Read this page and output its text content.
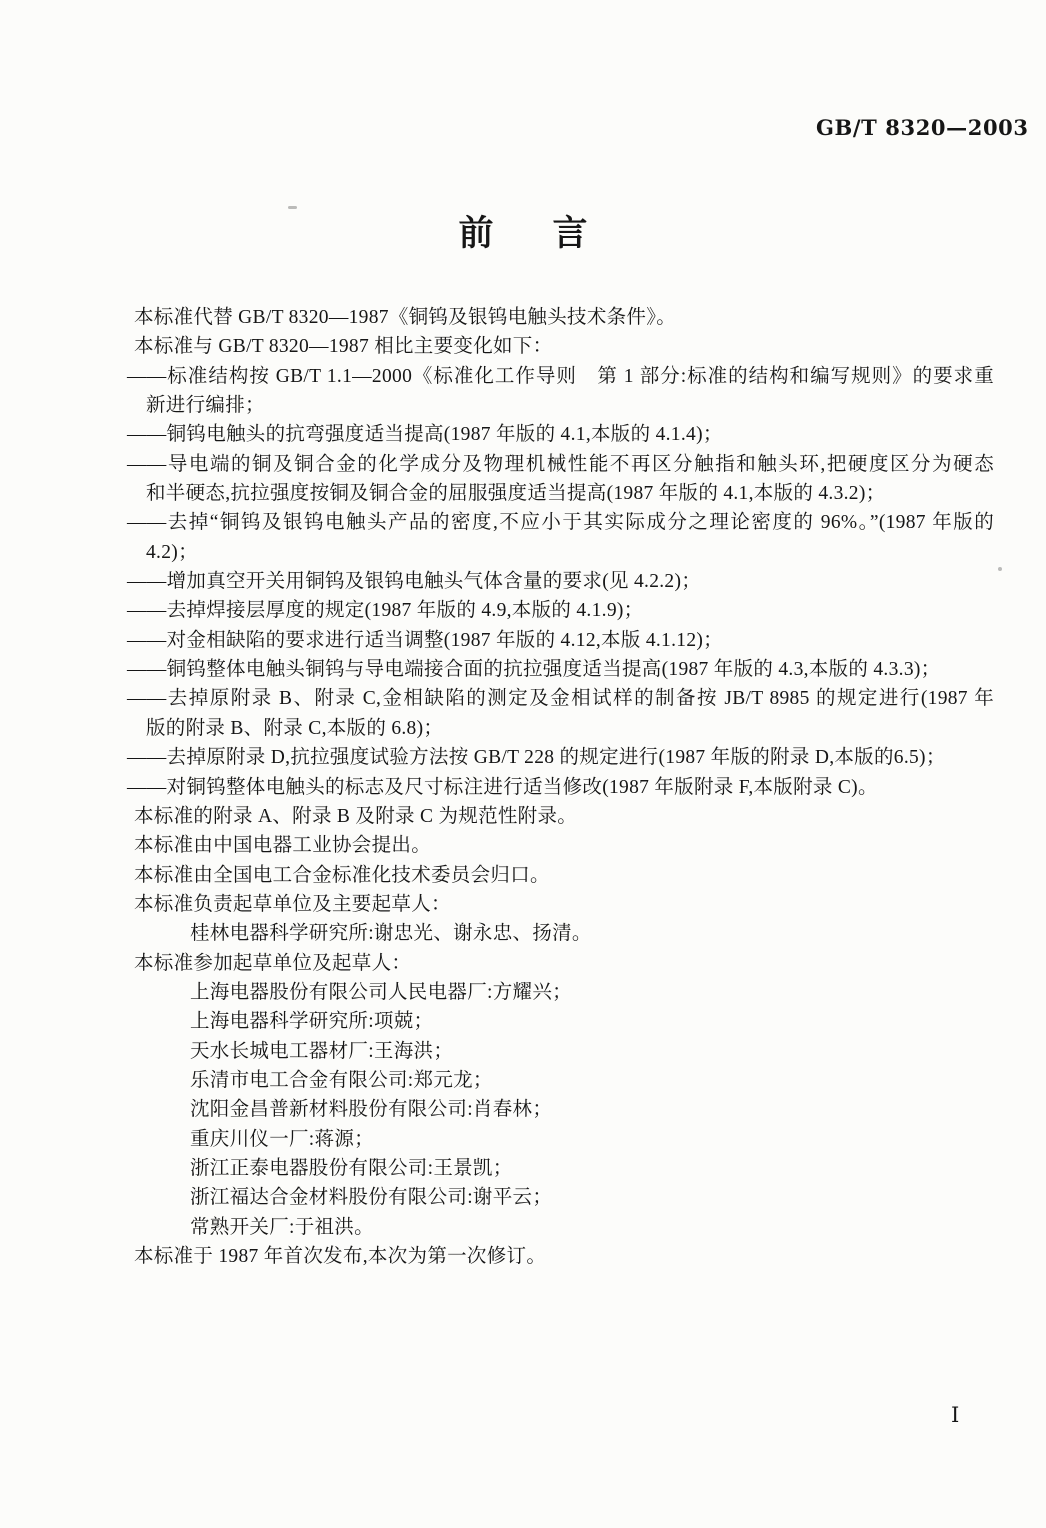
GB/T 8320—2003
前　言
本标准代替 GB/T 8320—1987《铜钨及银钨电触头技术条件》。
本标准与 GB/T 8320—1987 相比主要变化如下：
——标准结构按 GB/T 1.1—2000《标准化工作导则　第 1 部分:标准的结构和编写规则》的要求重
新进行编排；
——铜钨电触头的抗弯强度适当提高(1987 年版的 4.1,本版的 4.1.4)；
——导电端的铜及铜合金的化学成分及物理机械性能不再区分触指和触头环,把硬度区分为硬态
和半硬态,抗拉强度按铜及铜合金的屈服强度适当提高(1987 年版的 4.1,本版的 4.3.2)；
——去掉“铜钨及银钨电触头产品的密度,不应小于其实际成分之理论密度的 96%。”(1987 年版的
4.2)；
——增加真空开关用铜钨及银钨电触头气体含量的要求(见 4.2.2)；
——去掉焊接层厚度的规定(1987 年版的 4.9,本版的 4.1.9)；
——对金相缺陷的要求进行适当调整(1987 年版的 4.12,本版 4.1.12)；
——铜钨整体电触头铜钨与导电端接合面的抗拉强度适当提高(1987 年版的 4.3,本版的 4.3.3)；
——去掉原附录 B、附录 C,金相缺陷的测定及金相试样的制备按 JB/T 8985 的规定进行(1987 年
版的附录 B、附录 C,本版的 6.8)；
——去掉原附录 D,抗拉强度试验方法按 GB/T 228 的规定进行(1987 年版的附录 D,本版的6.5)；
——对铜钨整体电触头的标志及尺寸标注进行适当修改(1987 年版附录 F,本版附录 C)。
本标准的附录 A、附录 B 及附录 C 为规范性附录。
本标准由中国电器工业协会提出。
本标准由全国电工合金标准化技术委员会归口。
本标准负责起草单位及主要起草人：
桂林电器科学研究所:谢忠光、谢永忠、扬清。
本标准参加起草单位及起草人：
上海电器股份有限公司人民电器厂:方耀兴；
上海电器科学研究所:项兢；
天水长城电工器材厂:王海洪；
乐清市电工合金有限公司:郑元龙；
沈阳金昌普新材料股份有限公司:肖春林；
重庆川仪一厂:蒋源；
浙江正泰电器股份有限公司:王景凯；
浙江福达合金材料股份有限公司:谢平云；
常熟开关厂:于祖洪。
本标准于 1987 年首次发布,本次为第一次修订。
I
